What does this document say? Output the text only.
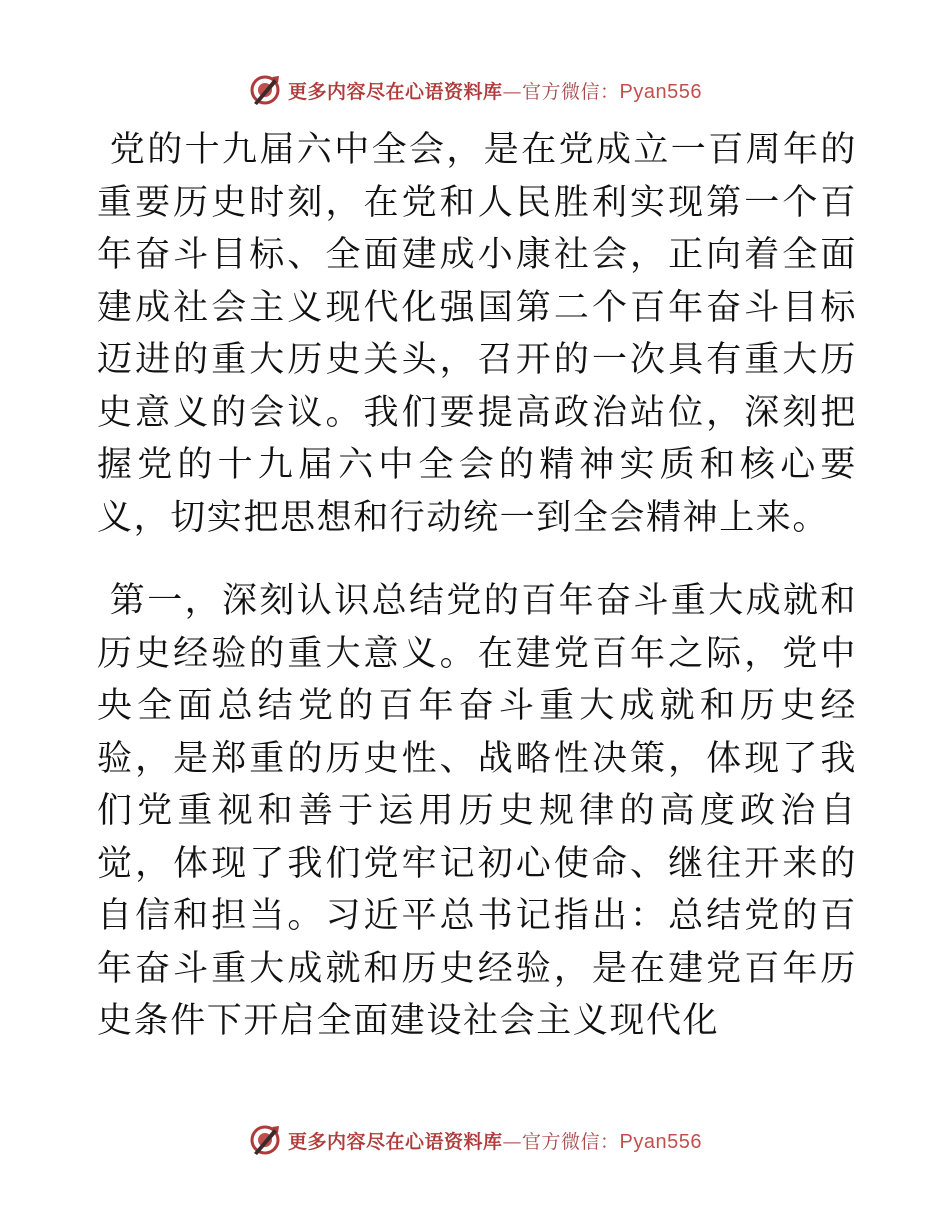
更多内容尽在心语资料库—官方微信：Pyan556

党的十九届六中全会，是在党成立一百周年的重要历史时刻，在党和人民胜利实现第一个百年奋斗目标、全面建成小康社会，正向着全面建成社会主义现代化强国第二个百年奋斗目标迈进的重大历史关头，召开的一次具有重大历史意义的会议。我们要提高政治站位，深刻把握党的十九届六中全会的精神实质和核心要义，切实把思想和行动统一到全会精神上来。

第一，深刻认识总结党的百年奋斗重大成就和历史经验的重大意义。在建党百年之际，党中央全面总结党的百年奋斗重大成就和历史经验，是郑重的历史性、战略性决策，体现了我们党重视和善于运用历史规律的高度政治自觉，体现了我们党牢记初心使命、继往开来的自信和担当。习近平总书记指出：总结党的百年奋斗重大成就和历史经验，是在建党百年历史条件下开启全面建设社会主义现代化

更多内容尽在心语资料库—官方微信：Pyan556
